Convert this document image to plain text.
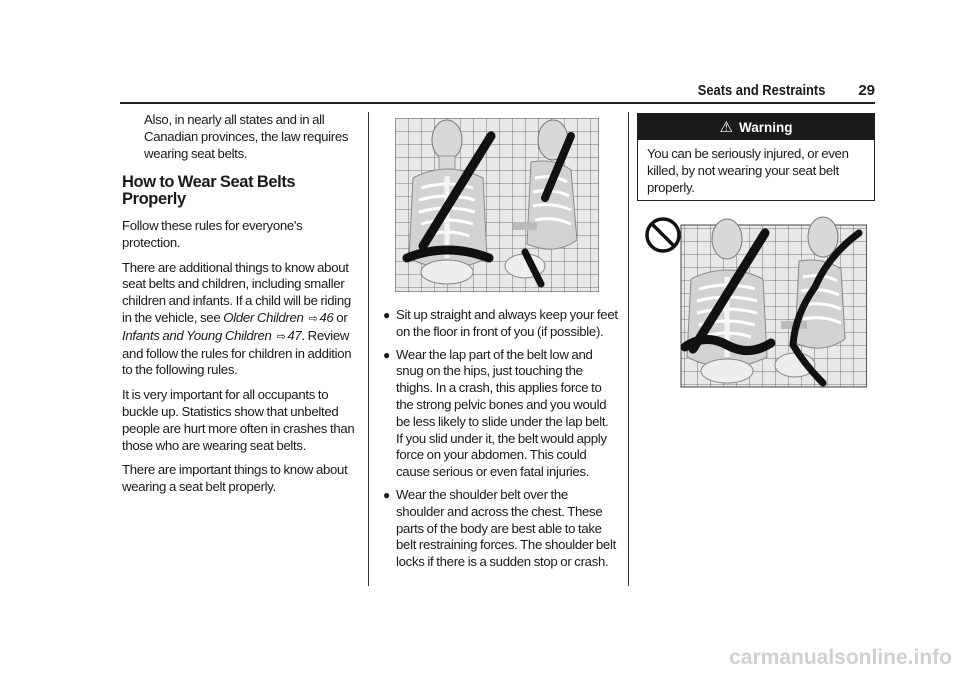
Seats and Restraints 29

Also, in nearly all states and in all Canadian provinces, the law requires wearing seat belts.

How to Wear Seat Belts Properly

Follow these rules for everyone's protection.

There are additional things to know about seat belts and children, including smaller children and infants. If a child will be riding in the vehicle, see Older Children ⇨ 46 or Infants and Young Children ⇨ 47. Review and follow the rules for children in addition to the following rules.

It is very important for all occupants to buckle up. Statistics show that unbelted people are hurt more often in crashes than those who are wearing seat belts.

There are important things to know about wearing a seat belt properly.

● Sit up straight and always keep your feet on the floor in front of you (if possible).
● Wear the lap part of the belt low and snug on the hips, just touching the thighs. In a crash, this applies force to the strong pelvic bones and you would be less likely to slide under the lap belt. If you slid under it, the belt would apply force on your abdomen. This could cause serious or even fatal injuries.
● Wear the shoulder belt over the shoulder and across the chest. These parts of the body are best able to take belt restraining forces. The shoulder belt locks if there is a sudden stop or crash.
⚠ Warning
You can be seriously injured, or even killed, by not wearing your seat belt properly.
carmanualsonline.info
